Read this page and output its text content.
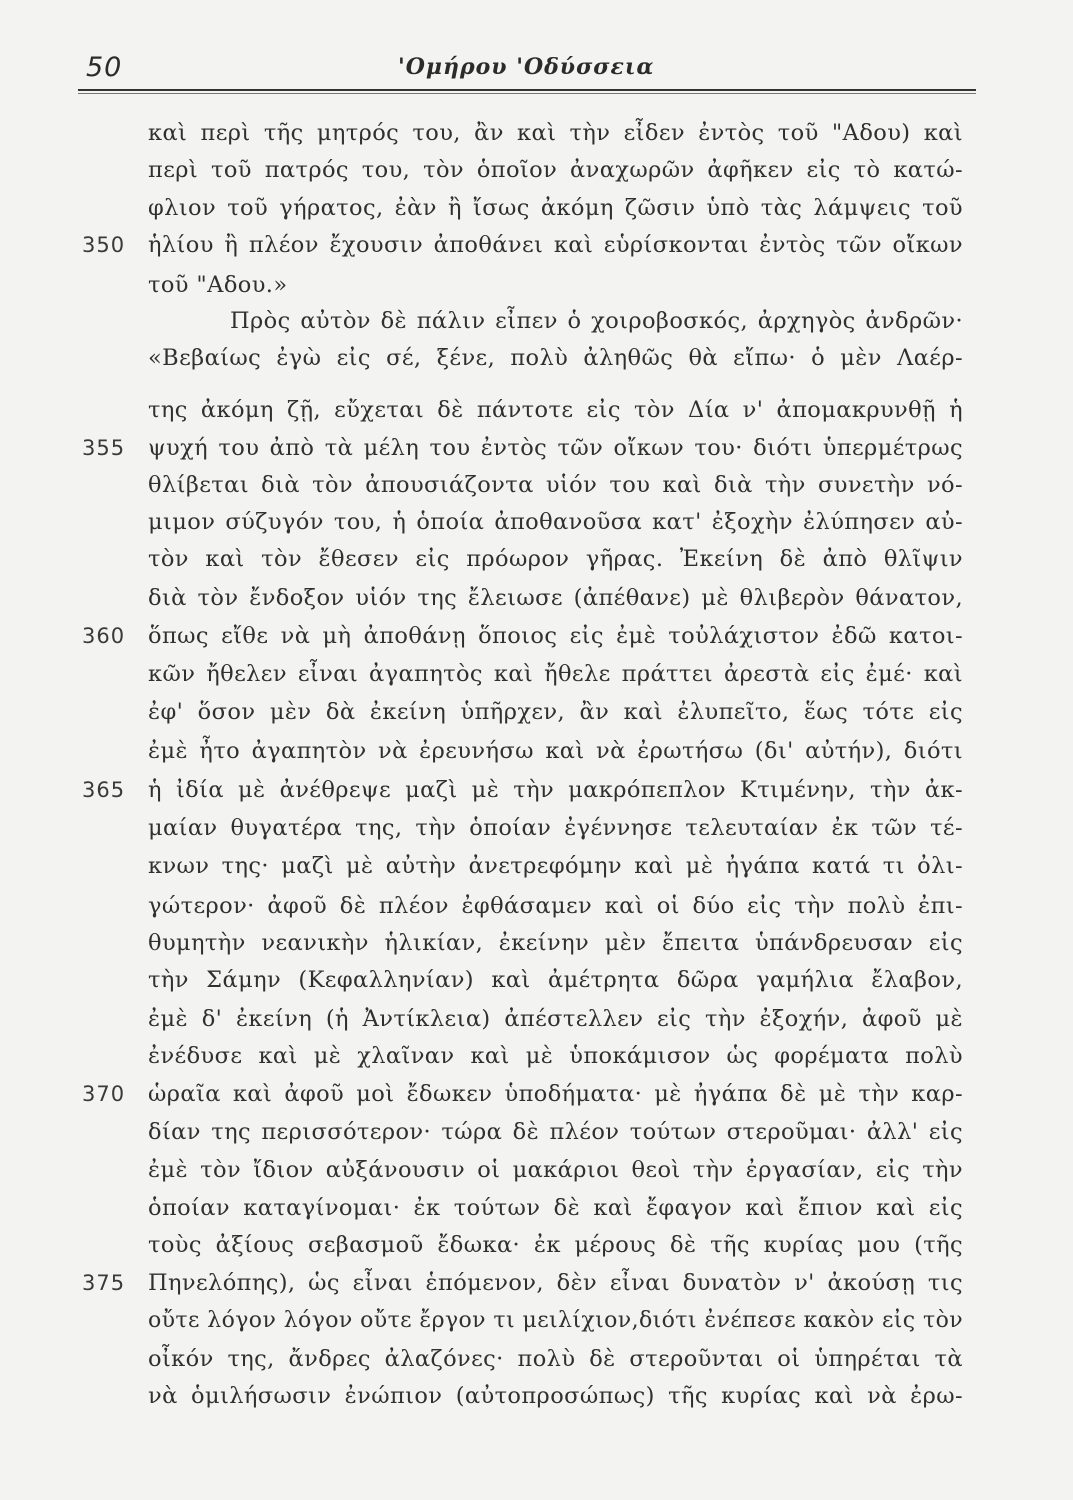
50	'Ομήρου 'Οδύσσεια
350
355
360
365
370
375
καὶ περὶ τῆς μητρός του, ἂν καὶ τὴν εἶδεν ἐντὸς τοῦ "Αδου) καὶ
περὶ τοῦ πατρός του, τὸν ὁποῖον ἀναχωρῶν ἀφῆκεν εἰς τὸ κατώ-
φλιον τοῦ γήρατος, ἐὰν ἢ ἴσως ἀκόμη ζῶσιν ὑπὸ τὰς λάμψεις τοῦ
ἡλίου ἢ πλέον ἔχουσιν ἀποθάνει καὶ εὑρίσκονται ἐντὸς τῶν οἴκων
τοῦ "Αδου.»
Πρὸς αὐτὸν δὲ πάλιν εἶπεν ὁ χοιροβοσκός, ἀρχηγὸς ἀνδρῶν·
«Βεβαίως ἐγὼ εἰς σέ, ξένε, πολὺ ἀληθῶς θὰ εἴπω· ὁ μὲν Λαέρ-
της ἀκόμη ζῇ, εὔχεται δὲ πάντοτε εἰς τὸν Δία ν' ἀπομακρυνθῇ ἡ
ψυχή του ἀπὸ τὰ μέλη του ἐντὸς τῶν οἴκων του· διότι ὑπερμέτρως
θλίβεται διὰ τὸν ἀπουσιάζοντα υἱόν του καὶ διὰ τὴν συνετὴν νό-
μιμον σύζυγόν του, ἡ ὁποία ἀποθανοῦσα κατ' ἐξοχὴν ἐλύπησεν αὐ-
τὸν καὶ τὸν ἔθεσεν εἰς πρόωρον γῆρας. Ἐκείνη δὲ ἀπὸ θλῖψιν
διὰ τὸν ἔνδοξον υἱόν της ἔλειωσε (ἀπέθανε) μὲ θλιβερὸν θάνατον,
ὅπως εἴθε νὰ μὴ ἀποθάνῃ ὅποιος εἰς ἐμὲ τοὐλάχιστον ἐδῶ κατοι-
κῶν ἤθελεν εἶναι ἀγαπητὸς καὶ ἤθελε πράττει ἀρεστὰ εἰς ἐμέ· καὶ
ἐφ' ὅσον μὲν δὰ ἐκείνη ὑπῆρχεν, ἂν καὶ ἐλυπεῖτο, ἕως τότε εἰς
ἐμὲ ἦτο ἀγαπητὸν νὰ ἐρευνήσω καὶ νὰ ἐρωτήσω (δι' αὐτήν), διότι
ἡ ἰδία μὲ ἀνέθρεψε μαζὶ μὲ τὴν μακρόπεπλον Κτιμένην, τὴν ἀκ-
μαίαν θυγατέρα της, τὴν ὁποίαν ἐγέννησε τελευταίαν ἐκ τῶν τέ-
κνων της· μαζὶ μὲ αὐτὴν ἀνετρεφόμην καὶ μὲ ἠγάπα κατά τι ὀλι-
γώτερον· ἀφοῦ δὲ πλέον ἐφθάσαμεν καὶ οἱ δύο εἰς τὴν πολὺ ἐπι-
θυμητὴν νεανικὴν ἡλικίαν, ἐκείνην μὲν ἔπειτα ὑπάνδρευσαν εἰς
τὴν Σάμην (Κεφαλληνίαν) καὶ ἀμέτρητα δῶρα γαμήλια ἔλαβον,
ἐμὲ δ' ἐκείνη (ἡ Ἀντίκλεια) ἀπέστελλεν εἰς τὴν ἐξοχήν, ἀφοῦ μὲ
ἐνέδυσε καὶ μὲ χλαῖναν καὶ μὲ ὑποκάμισον ὡς φορέματα πολὺ
ὡραῖα καὶ ἀφοῦ μοὶ ἔδωκεν ὑποδήματα· μὲ ἠγάπα δὲ μὲ τὴν καρ-
δίαν της περισσότερον· τώρα δὲ πλέον τούτων στεροῦμαι· ἀλλ' εἰς
ἐμὲ τὸν ἴδιον αὐξάνουσιν οἱ μακάριοι θεοὶ τὴν ἐργασίαν, εἰς τὴν
ὁποίαν καταγίνομαι· ἐκ τούτων δὲ καὶ ἔφαγον καὶ ἔπιον καὶ εἰς
τοὺς ἀξίους σεβασμοῦ ἔδωκα· ἐκ μέρους δὲ τῆς κυρίας μου (τῆς
Πηνελόπης), ὡς εἶναι ἑπόμενον, δὲν εἶναι δυνατὸν ν' ἀκούσῃ τις
οὔτε λόγον λόγον οὔτε ἔργον τι μειλίχιον,διότι ἐνέπεσε κακὸν εἰς τὸν
οἶκόν της, ἄνδρες ἀλαζόνες· πολὺ δὲ στεροῦνται οἱ ὑπηρέται τὰ
νὰ ὁμιλήσωσιν ἐνώπιον (αὐτοπροσώπως) τῆς κυρίας καὶ νὰ ἐρω-
